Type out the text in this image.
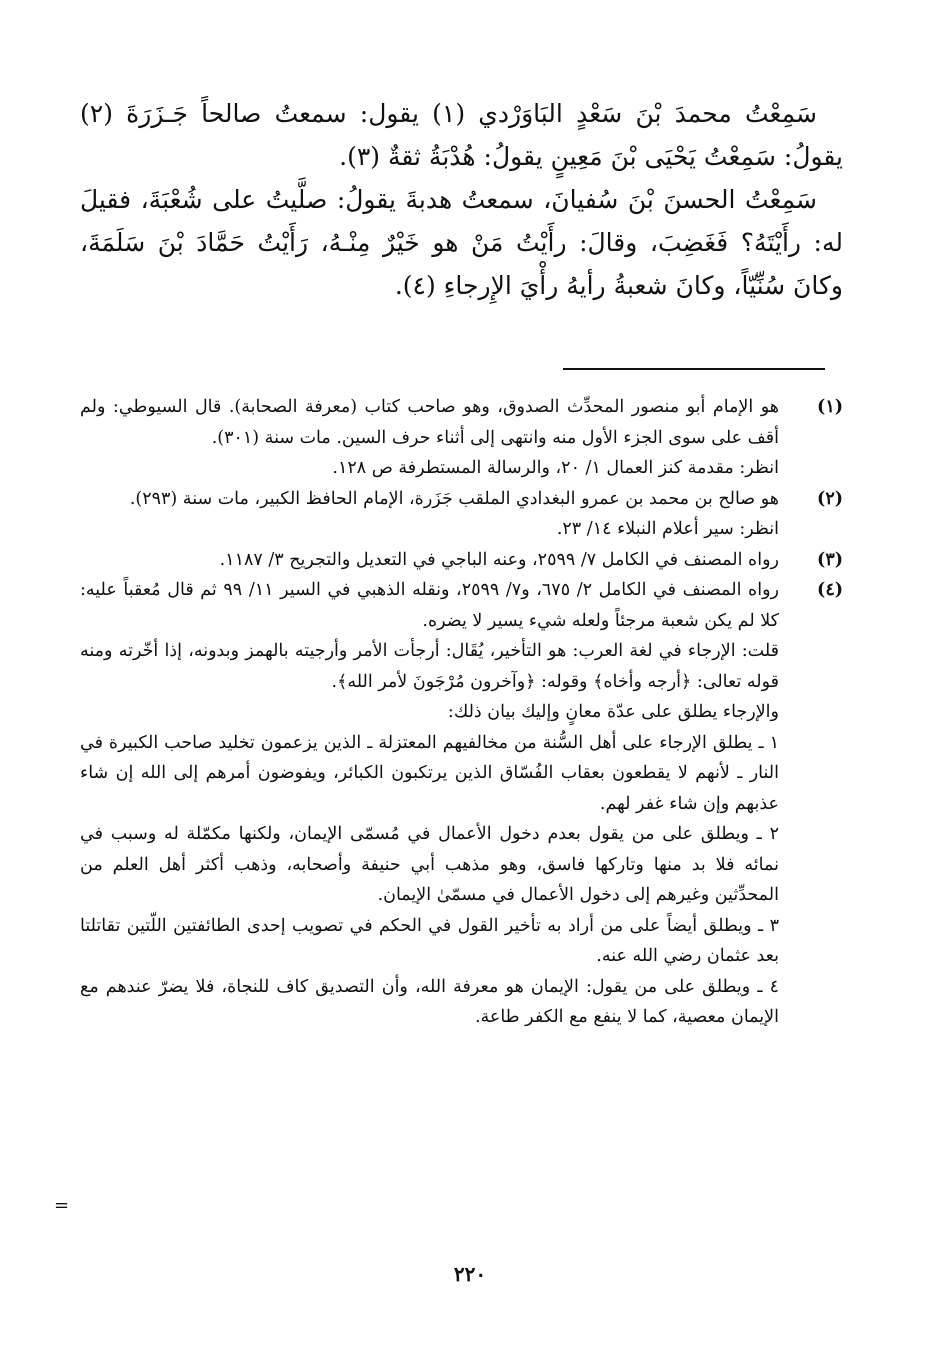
سَمِعْتُ محمدَ بْنَ سَعْدٍ البَاوَرْدي (١) يقول: سمعتُ صالحاً جَـزَرَةَ (٢) يقولُ: سَمِعْتُ يَحْيَى بْنَ مَعِينٍ يقولُ: هُدْبَةُ ثقةٌ (٣).

سَمِعْتُ الحسنَ بْنَ سُفيانَ، سمعتُ هدبةَ يقولُ: صلَّيتُ على شُعْبَةَ، فقيلَ له: رأَيْتَهُ؟ فَغَضِبَ، وقالَ: رأَيْتُ مَنْ هو خَيْرٌ مِنْـهُ، رَأَيْتُ حَمَّادَ بْنَ سَلَمَةَ، وكانَ سُنِّيّاً، وكانَ شعبةُ رأيهُ رأْيَ الإِرجاءِ (٤).

(١)

هو الإمام أبو منصور المحدِّث الصدوق، وهو صاحب كتاب (معرفة الصحابة). قال السيوطي: ولم أقف على سوى الجزء الأول منه وانتهى إلى أثناء حرف السين. مات سنة (٣٠١).

انظر: مقدمة كنز العمال ١/ ٢٠، والرسالة المستطرفة ص ١٢٨.

(٢)

هو صالح بن محمد بن عمرو البغدادي الملقب جَزَرة، الإمام الحافظ الكبير، مات سنة (٢٩٣).

انظر: سير أعلام النبلاء ١٤/ ٢٣.

(٣)

رواه المصنف في الكامل ٧/ ٢٥٩٩، وعنه الباجي في التعديل والتجريح ٣/ ١١٨٧.

(٤)

رواه المصنف في الكامل ٢/ ٦٧٥، و٧/ ٢٥٩٩، ونقله الذهبي في السير ١١/ ٩٩ ثم قال مُعقباً عليه: كلا لم يكن شعبة مرجئاً ولعله شيء يسير لا يضره.

قلت: الإرجاء في لغة العرب: هو التأخير، يُقَال: أرجأت الأمر وأرجيته بالهمز وبدونه، إذا أخّرته ومنه قوله تعالى: ﴿أرجه وأخاه﴾ وقوله: ﴿وآخرون مُرْجَونَ لأمر الله﴾.

والإرجاء يطلق على عدّة معانٍ وإليك بيان ذلك:

١ ـ يطلق الإرجاء على أهل السُّنة من مخالفيهم المعتزلة ـ الذين يزعمون تخليد صاحب الكبيرة في النار ـ لأنهم لا يقطعون بعقاب الفُسّاق الذين يرتكبون الكبائر، ويفوضون أمرهم إلى الله إن شاء عذبهم وإن شاء غفر لهم.

٢ ـ ويطلق على من يقول بعدم دخول الأعمال في مُسمّى الإيمان، ولكنها مكمّلة له وسبب في نمائه فلا بد منها وتاركها فاسق، وهو مذهب أبي حنيفة وأصحابه، وذهب أكثر أهل العلم من المحدِّثين وغيرهم إلى دخول الأعمال في مسمّىٰ الإيمان.

٣ ـ ويطلق أيضاً على من أراد به تأخير القول في الحكم في تصويب إحدى الطائفتين اللّتين تقاتلتا بعد عثمان رضي الله عنه.

٤ ـ ويطلق على من يقول: الإيمان هو معرفة الله، وأن التصديق كاف للنجاة، فلا يضرّ عندهم مع الإيمان معصية، كما لا ينفع مع الكفر طاعة.

=
٢٢٠
